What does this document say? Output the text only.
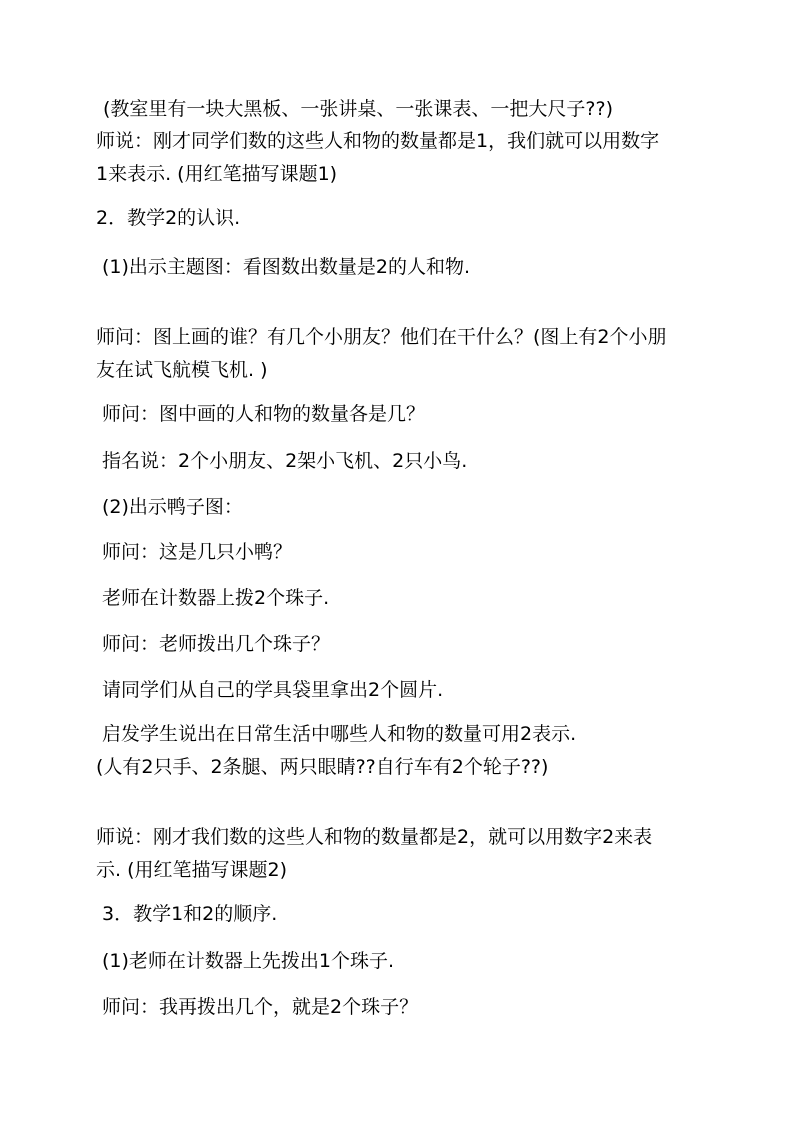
(教室里有一块大黑板、一张讲桌、一张课表、一把大尺子??)
师说：刚才同学们数的这些人和物的数量都是1，我们就可以用数字
1来表示. (用红笔描写课题1)
2．教学2的认识.
(1)出示主题图：看图数出数量是2的人和物.
师问：图上画的谁？有几个小朋友？他们在干什么？(图上有2个小朋
友在试飞航模飞机. )
师问：图中画的人和物的数量各是几？
指名说：2个小朋友、2架小飞机、2只小鸟.
(2)出示鸭子图：
师问：这是几只小鸭？
老师在计数器上拨2个珠子.
师问：老师拨出几个珠子？
请同学们从自己的学具袋里拿出2个圆片.
启发学生说出在日常生活中哪些人和物的数量可用2表示.
(人有2只手、2条腿、两只眼睛??自行车有2个轮子??)
师说：刚才我们数的这些人和物的数量都是2，就可以用数字2来表
示. (用红笔描写课题2)
3．教学1和2的顺序.
(1)老师在计数器上先拨出1个珠子.
师问：我再拨出几个，就是2个珠子？
